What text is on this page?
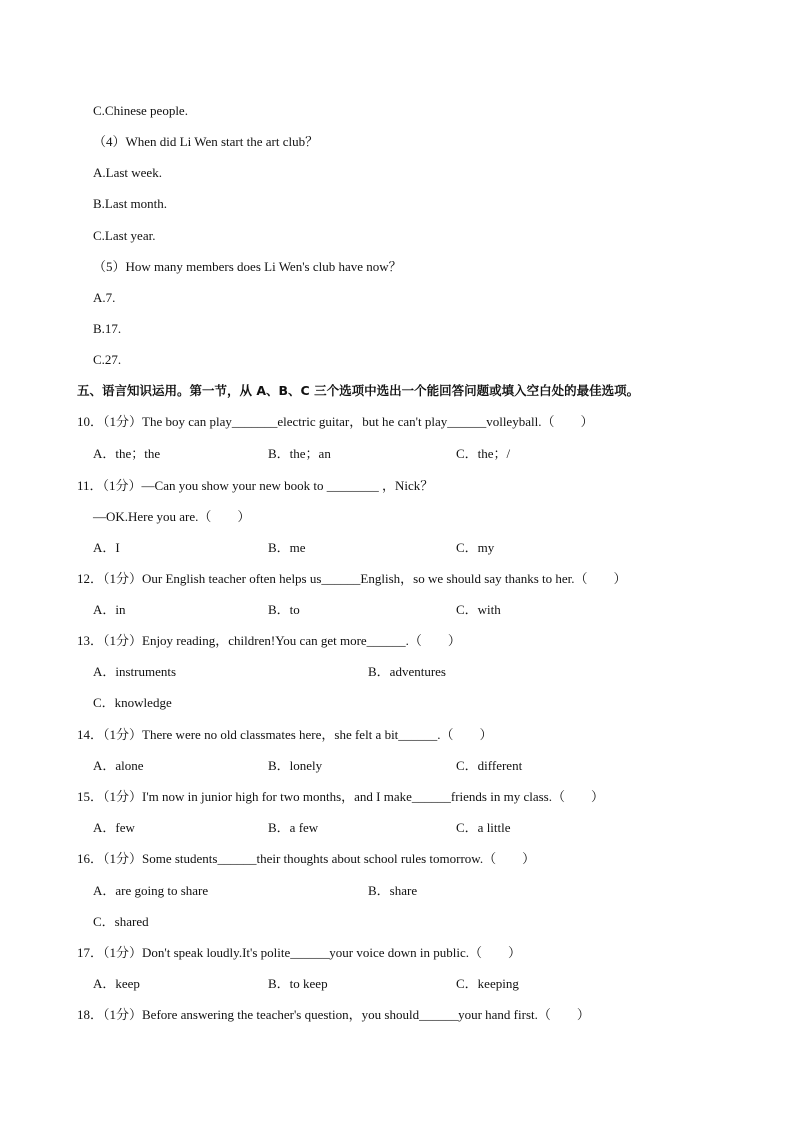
C.Chinese people.
（4）When did Li Wen start the art club？
A.Last week.
B.Last month.
C.Last year.
（5）How many members does Li Wen's club have now？
A.7.
B.17.
C.27.
五、语言知识运用。第一节，从 A、B、C 三个选项中选出一个能回答问题或填入空白处的最佳选项。
10．（1分）The boy can play_______electric guitar，but he can't play______volleyball.（　　）
A．the；the	B．the；an	C．the；/
11．（1分）—Can you show your new book to ________ ，Nick？
—OK.Here you are.（　　）
A．I	B．me	C．my
12．（1分）Our English teacher often helps us______English，so we should say thanks to her.（　　）
A．in	B．to	C．with
13．（1分）Enjoy reading，children!You can get more______.（　　）
A．instruments	B．adventures
C．knowledge
14．（1分）There were no old classmates here，she felt a bit______.（　　）
A．alone	B．lonely	C．different
15．（1分）I'm now in junior high for two months，and I make______friends in my class.（　　）
A．few	B．a few	C．a little
16．（1分）Some students______their thoughts about school rules tomorrow.（　　）
A．are going to share	B．share
C．shared
17．（1分）Don't speak loudly.It's polite______your voice down in public.（　　）
A．keep	B．to keep	C．keeping
18．（1分）Before answering the teacher's question，you should______your hand first.（　　）
